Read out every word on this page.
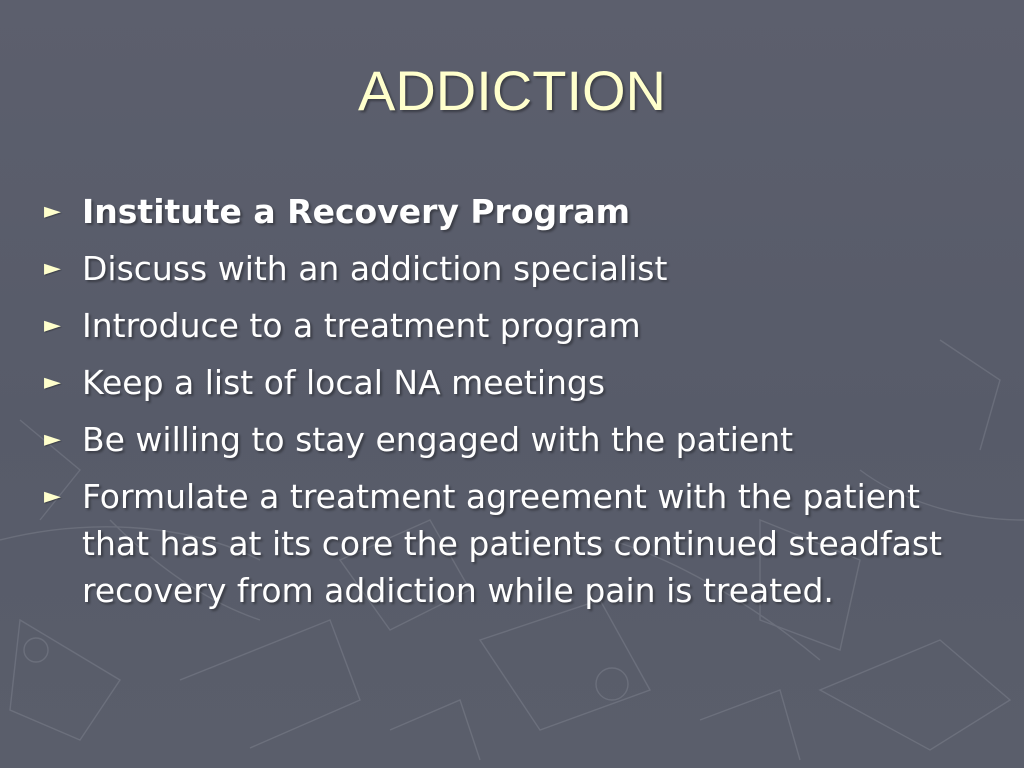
ADDICTION
► Institute a Recovery Program
► Discuss with an addiction specialist
► Introduce to a treatment program
► Keep a list of local NA meetings
► Be willing to stay engaged with the patient
► Formulate a treatment agreement with the patient that has at its core the patients continued steadfast recovery from addiction while pain is treated.
